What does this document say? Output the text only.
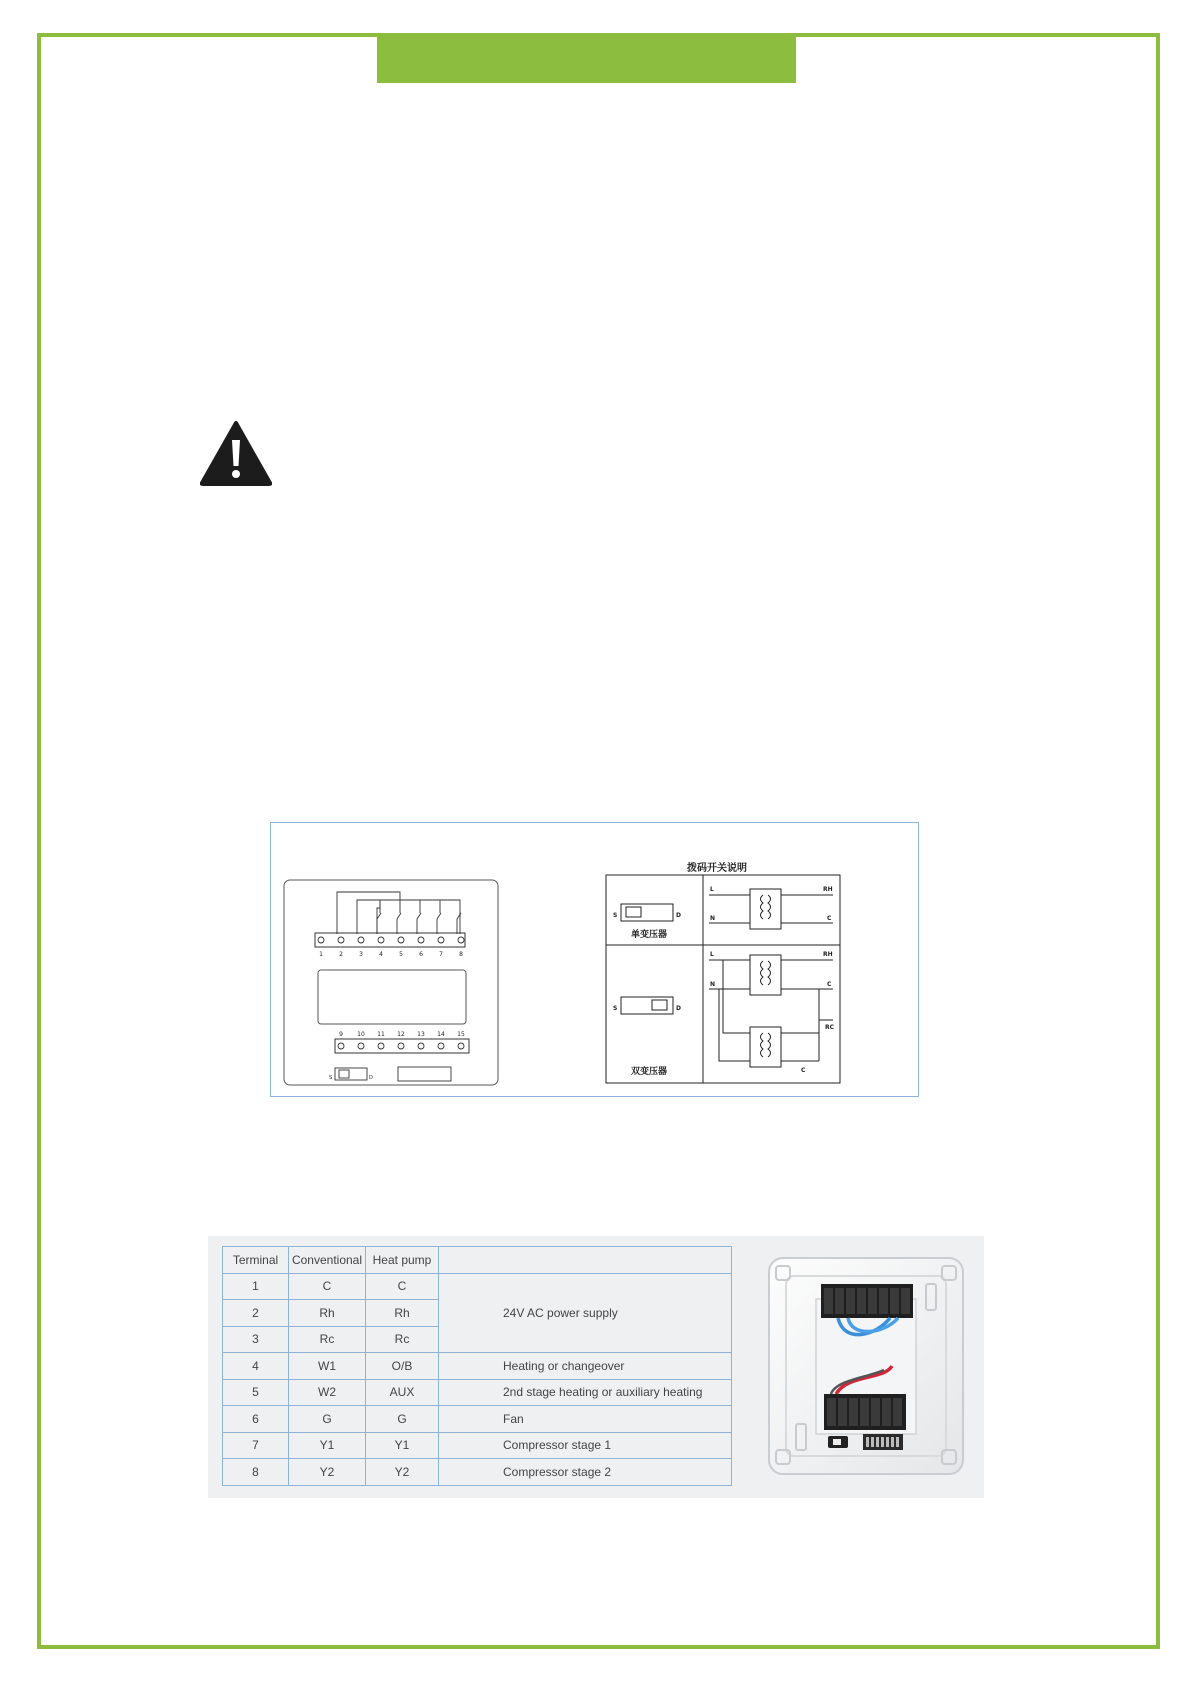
1	2	3	4	5	6	7	8
9 10 11 12 13 14 15
S	D
拨码开关说明
S	D
单变压器
L
N
RH
C
S	D
双变压器
L
N
RH
C
RC
C
Terminal	Conventional	Heat pump	
1	C	C	24V AC power supply
2	Rh	Rh	
3	Rc	Rc	
4	W1	O/B	Heating or changeover
5	W2	AUX	2nd stage heating or auxiliary heating
6	G	G	Fan
7	Y1	Y1	Compressor stage 1
8	Y2	Y2	Compressor stage 2
